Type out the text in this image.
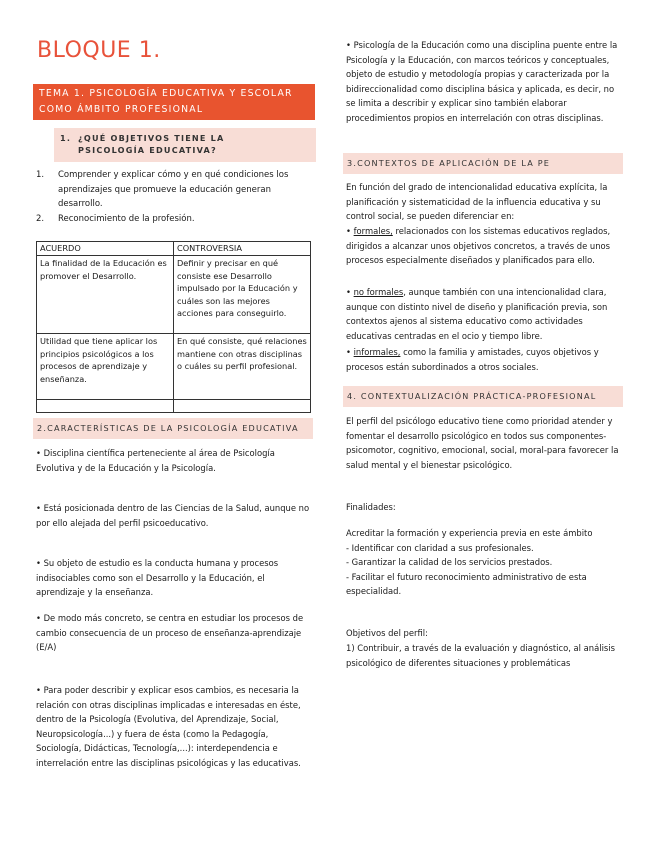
BLOQUE 1.
TEMA 1. PSICOLOGÍA EDUCATIVA Y ESCOLAR COMO ÁMBITO PROFESIONAL
1. ¿QUÉ OBJETIVOS TIENE LA PSICOLOGÍA EDUCATIVA?
1. Comprender y explicar cómo y en qué condiciones los aprendizajes que promueve la educación generan desarrollo.
2. Reconocimiento de la profesión.
ACUERDO	CONTROVERSIA
La finalidad de la Educación es promover el Desarrollo.	Definir y precisar en qué consiste ese Desarrollo impulsado por la Educación y cuáles son las mejores acciones para conseguirlo.
Utilidad que tiene aplicar los principios psicológicos a los procesos de aprendizaje y enseñanza.	En qué consiste, qué relaciones mantiene con otras disciplinas o cuáles su perfil profesional.

2.CARACTERÍSTICAS DE LA PSICOLOGÍA EDUCATIVA

• Disciplina científica perteneciente al área de Psicología Evolutiva y de la Educación y la Psicología.

• Está posicionada dentro de las Ciencias de la Salud, aunque no por ello alejada del perfil psicoeducativo.

• Su objeto de estudio es la conducta humana y procesos indisociables como son el Desarrollo y la Educación, el aprendizaje y la enseñanza.

• De modo más concreto, se centra en estudiar los procesos de cambio consecuencia de un proceso de enseñanza-aprendizaje (E/A)

• Para poder describir y explicar esos cambios, es necesaria la relación con otras disciplinas implicadas e interesadas en éste, dentro de la Psicología (Evolutiva, del Aprendizaje, Social, Neuropsicología...) y fuera de ésta (como la Pedagogía, Sociología, Didácticas, Tecnología,...): interdependencia e interrelación entre las disciplinas psicológicas y las educativas.

• Psicología de la Educación como una disciplina puente entre la Psicología y la Educación, con marcos teóricos y conceptuales, objeto de estudio y metodología propias y caracterizada por la bidireccionalidad como disciplina básica y aplicada, es decir, no se limita a describir y explicar sino también elaborar procedimientos propios en interrelación con otras disciplinas.

3.CONTEXTOS DE APLICACIÓN DE LA PE

En función del grado de intencionalidad educativa explícita, la planificación y sistematicidad de la influencia educativa y su control social, se pueden diferenciar en:

• formales, relacionados con los sistemas educativos reglados, dirigidos a alcanzar unos objetivos concretos, a través de unos procesos especialmente diseñados y planificados para ello.

• no formales, aunque también con una intencionalidad clara, aunque con distinto nivel de diseño y planificación previa, son contextos ajenos al sistema educativo como actividades educativas centradas en el ocio y tiempo libre.

• informales, como la familia y amistades, cuyos objetivos y procesos están subordinados a otros sociales.

4. CONTEXTUALIZACIÓN PRÁCTICA-PROFESIONAL

El perfil del psicólogo educativo tiene como prioridad atender y fomentar el desarrollo psicológico en todos sus componentes- psicomotor, cognitivo, emocional, social, moral-para favorecer la salud mental y el bienestar psicológico.

Finalidades:

Acreditar la formación y experiencia previa en este ámbito
- Identificar con claridad a sus profesionales.
- Garantizar la calidad de los servicios prestados.
- Facilitar el futuro reconocimiento administrativo de esta especialidad.

Objetivos del perfil:

1) Contribuir, a través de la evaluación y diagnóstico, al análisis psicológico de diferentes situaciones y problemáticas
